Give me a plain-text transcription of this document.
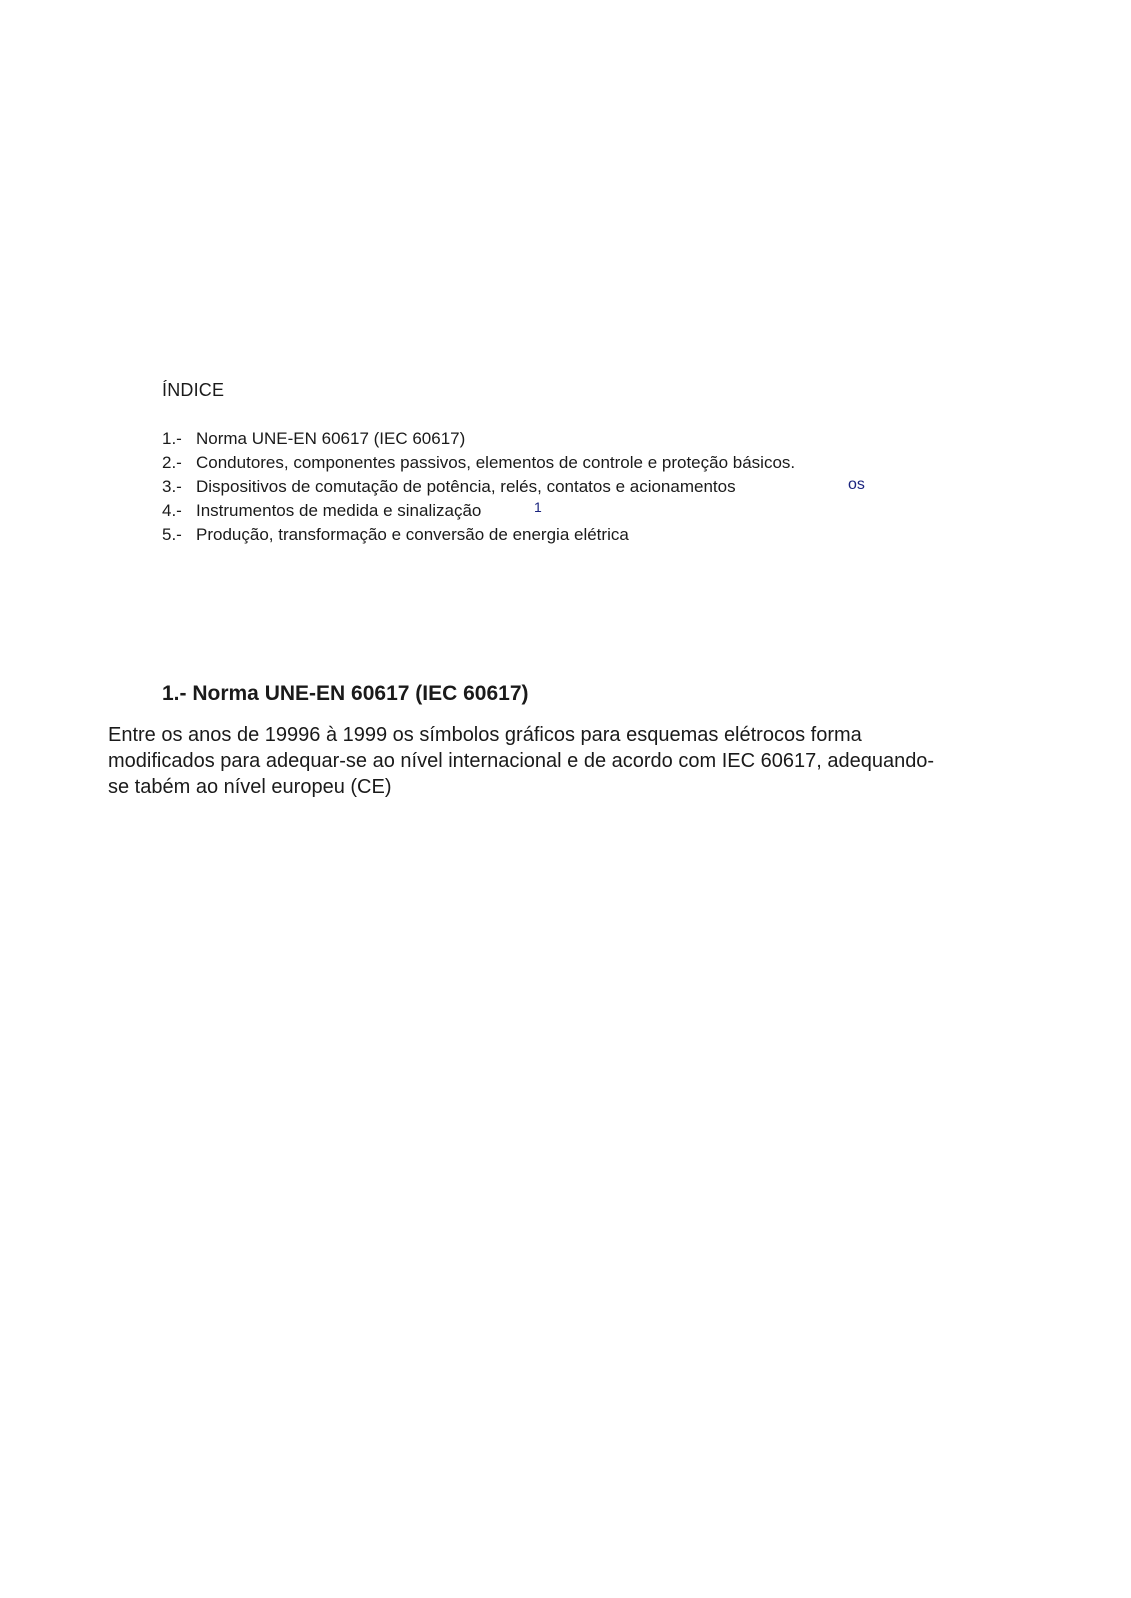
ÍNDICE
1.- Norma UNE-EN 60617 (IEC 60617)
2.- Condutores, componentes passivos, elementos de controle e proteção básicos.
3.- Dispositivos de comutação de potência, relés, contatos e acionamentos
4.- Instrumentos de medida e sinalização
5.- Produção, transformação e conversão de energia elétrica
os
1
1.- Norma UNE-EN 60617 (IEC 60617)

Entre os anos de 19996 à 1999 os símbolos gráficos para esquemas elétrocos forma
modificados para adequar-se ao nível internacional e de acordo com IEC 60617, adequando-
se tabém ao nível europeu (CE)
